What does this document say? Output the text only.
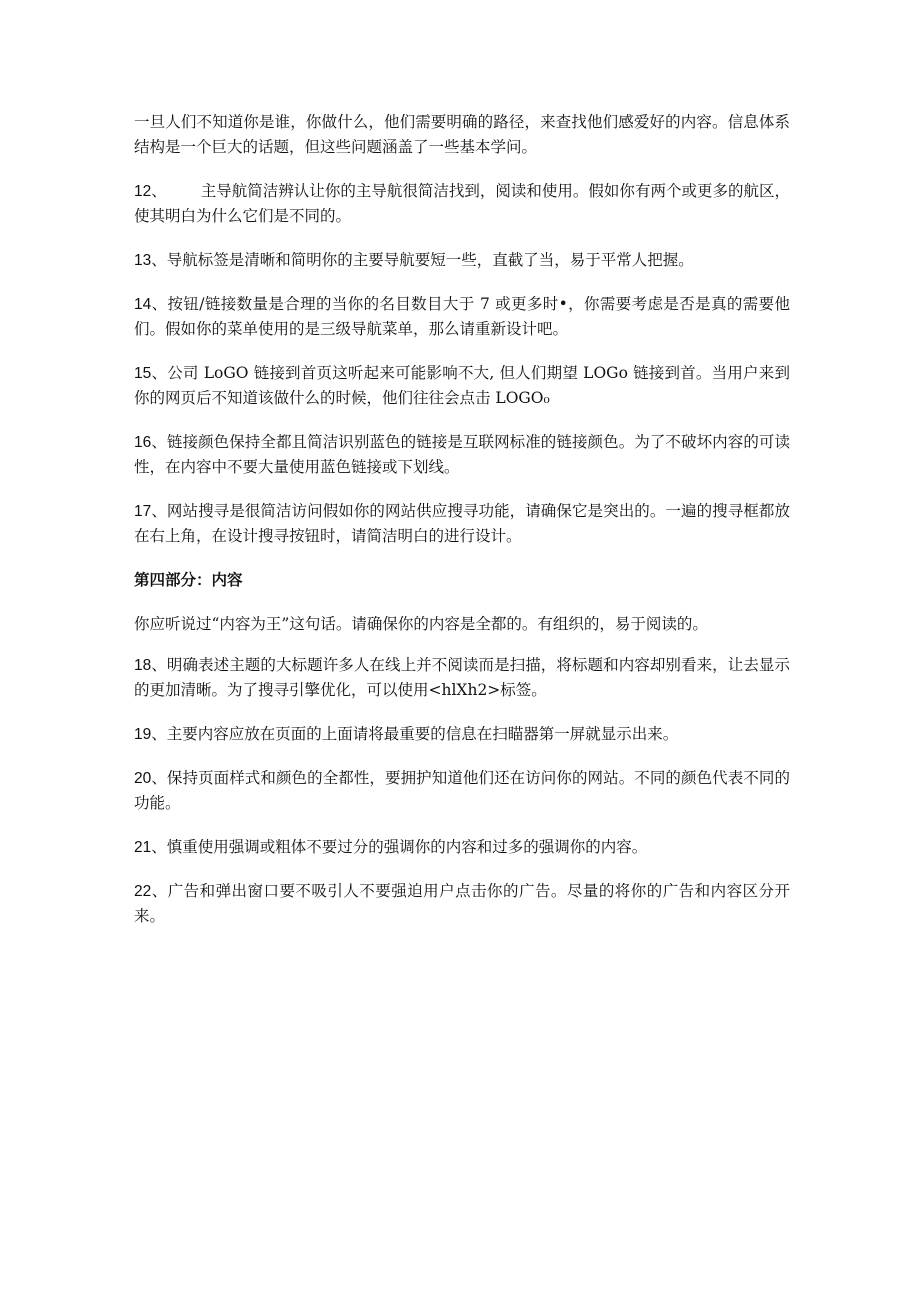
一旦人们不知道你是谁，你做什么，他们需要明确的路径，来查找他们感爱好的内容。信息体系结构是一个巨大的话题，但这些问题涵盖了一些基本学问。

12、 主导航简洁辨认让你的主导航很简洁找到，阅读和使用。假如你有两个或更多的航区，使其明白为什么它们是不同的。

13、导航标签是清晰和简明你的主要导航要短一些，直截了当，易于平常人把握。

14、按钮/链接数量是合理的当你的名目数目大于 7 或更多时•，你需要考虑是否是真的需要他们。假如你的菜单使用的是三级导航菜单，那么请重新设计吧。

15、公司 LoGO 链接到首页这听起来可能影响不大, 但人们期望 LOGo 链接到首。当用户来到你的网页后不知道该做什么的时候，他们往往会点击 LOGO₀

16、链接颜色保持全都且简洁识别蓝色的链接是互联网标准的链接颜色。为了不破坏内容的可读性，在内容中不要大量使用蓝色链接或下划线。

17、网站搜寻是很简洁访问假如你的网站供应搜寻功能，请确保它是突出的。一遍的搜寻框都放在右上角，在设计搜寻按钮时，请简洁明白的进行设计。

第四部分：内容

你应听说过“内容为王”这句话。请确保你的内容是全都的。有组织的，易于阅读的。

18、明确表述主题的大标题许多人在线上并不阅读而是扫描，将标题和内容却别看来，让去显示的更加清晰。为了搜寻引擎优化，可以使用<hlXh2>标签。

19、主要内容应放在页面的上面请将最重要的信息在扫瞄器第一屏就显示出来。

20、保持页面样式和颜色的全都性，要拥护知道他们还在访问你的网站。不同的颜色代表不同的功能。

21、慎重使用强调或粗体不要过分的强调你的内容和过多的强调你的内容。

22、广告和弹出窗口要不吸引人不要强迫用户点击你的广告。尽量的将你的广告和内容区分开来。
